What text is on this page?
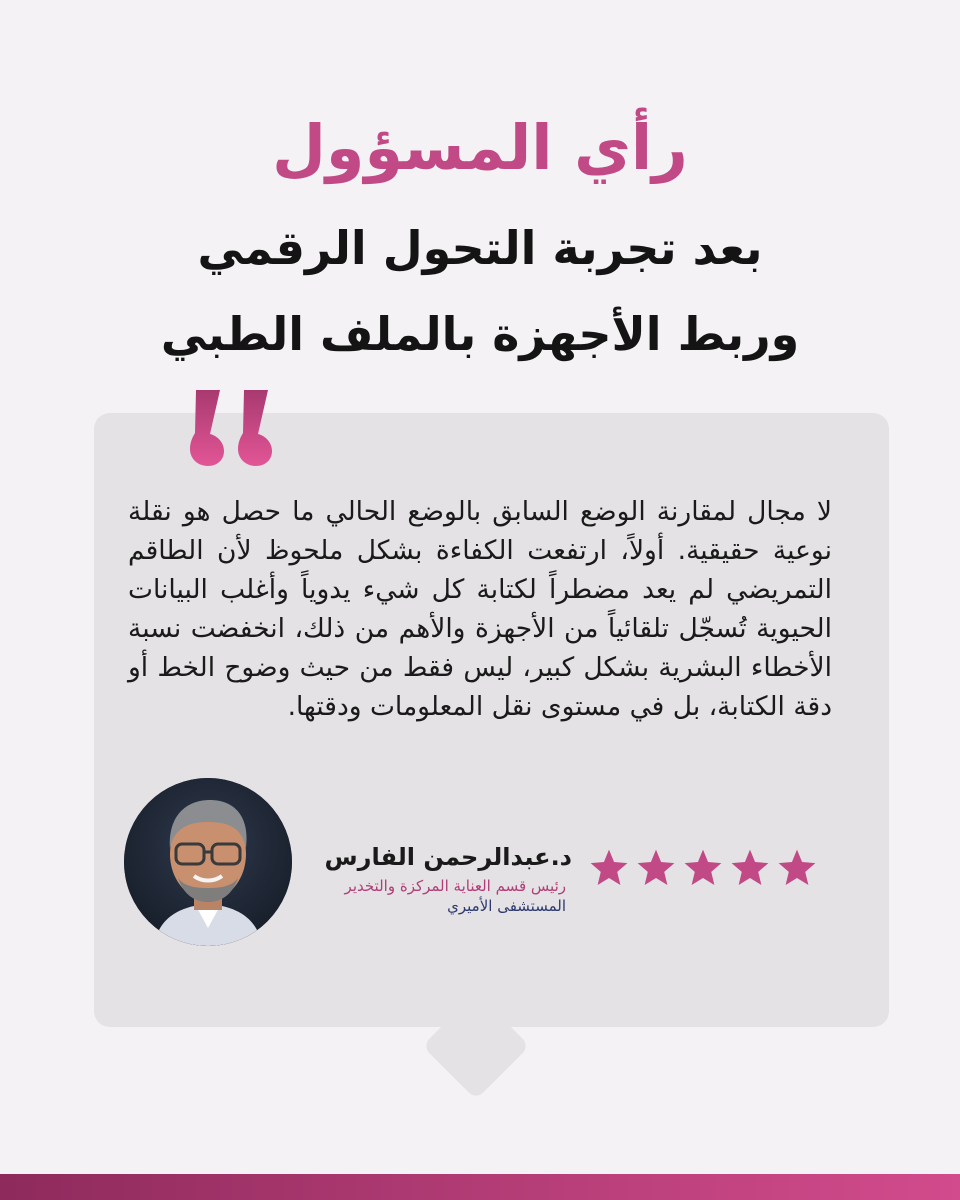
رأي المسؤول
بعد تجربة التحول الرقمي
وربط الأجهزة بالملف الطبي

لا مجال لمقارنة الوضع السابق بالوضع الحالي ما حصل هو نقلة نوعية حقيقية. أولاً، ارتفعت الكفاءة بشكل ملحوظ لأن الطاقم التمريضي لم يعد مضطراً لكتابة كل شيء يدوياً وأغلب البيانات الحيوية تُسجّل تلقائياً من الأجهزة والأهم من ذلك، انخفضت نسبة الأخطاء البشرية بشكل كبير، ليس فقط من حيث وضوح الخط أو دقة الكتابة، بل في مستوى نقل المعلومات ودقتها.

د.عبدالرحمن الفارس

رئيس قسم العناية المركزة والتخدير

المستشفى الأميري
